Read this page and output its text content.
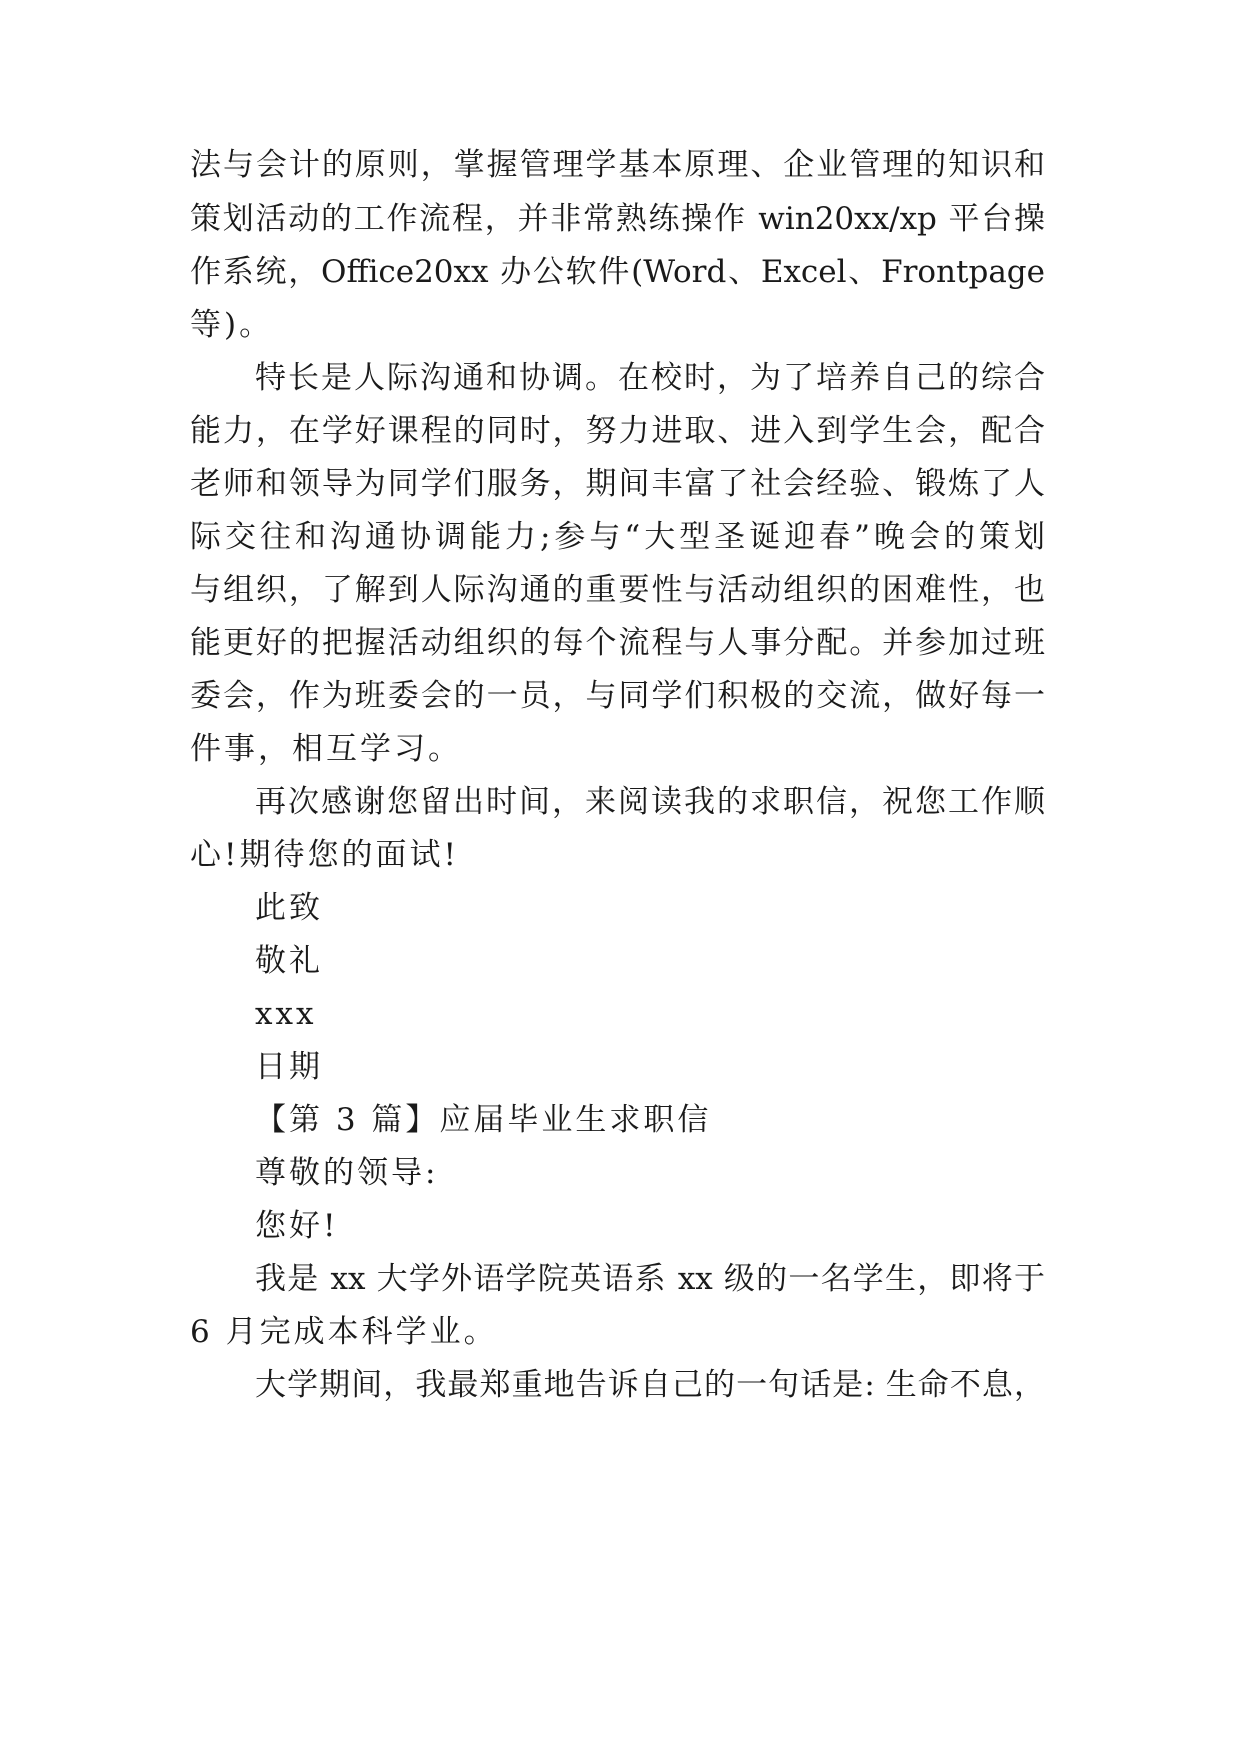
法与会计的原则，掌握管理学基本原理、企业管理的知识和
策划活动的工作流程，并非常熟练操作 win20xx/xp 平台操
作系统，Office20xx 办公软件(Word、Excel、Frontpage
等)。
特长是人际沟通和协调。在校时，为了培养自己的综合
能力，在学好课程的同时，努力进取、进入到学生会，配合
老师和领导为同学们服务，期间丰富了社会经验、锻炼了人
际交往和沟通协调能力;参与“大型圣诞迎春”晚会的策划
与组织，了解到人际沟通的重要性与活动组织的困难性，也
能更好的把握活动组织的每个流程与人事分配。并参加过班
委会，作为班委会的一员，与同学们积极的交流，做好每一
件事，相互学习。
再次感谢您留出时间，来阅读我的求职信，祝您工作顺
心!期待您的面试!
此致
敬礼
xxx
日期
【第 3 篇】应届毕业生求职信
尊敬的领导:
您好!
我是 xx 大学外语学院英语系 xx 级的一名学生，即将于
6 月完成本科学业。
大学期间，我最郑重地告诉自己的一句话是: 生命不息，
